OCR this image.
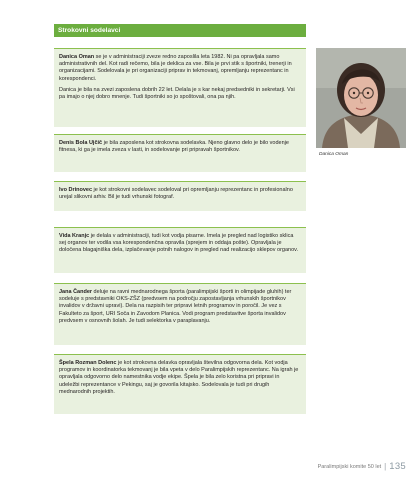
Strokovni sodelavci

Danica Oman se je v administraciji zveze redno zaposlila leta 1982. Ni pa opravljala samo administrativnih del. Kot radi rečemo, bila je deklica za vse. Bila je prvi stik s športniki, trenerji in organizacijami. Sodelovala je pri organizaciji priprav in tekmovanj, opremljanju reprezentanc in korespondenci.

Danica je bila na zvezi zaposlena dobrih 22 let. Delala je s kar nekaj predsedniki in sekretarji. Vsi pa imajo o njej dobro mnenje. Tudi športniki so jo spoštovali, ona pa njih.

Denis Bola Ujčič je bila zaposlena kot strokovna sodelavka. Njeno glavno delo je bilo vodenje fitnesa, ki ga je imela zveza v lasti, in sodelovanje pri pripravah športnikov.

Ivo Drinovec je kot strokovni sodelavec sodeloval pri opremljanju reprezentanc in profesionalno urejal slikovni arhiv. Bil je tudi vrhunski fotograf.

Vida Kranjc je delala v administraciji, tudi kot vodja pisarne. Imela je pregled nad logistiko sklica sej organov ter vodila vsa korespondenčna opravila (sprejem in oddaja pošte). Opravljala je določena blagajniška dela, izplačevanje potnih nalogov in pregled nad realizacijo sklepov organov.

Jana Čander deluje na ravni mednarodnega športa (paralimpijski športi in olimpijade gluhih) ter sodeluje s predstavniki OKS-ZŠZ (predvsem na področju zapostavljanja vrhunskih športnikov invalidov v državni upravi). Dela na razpisih ter pripravi letnih programov in poročil. Je vez s Fakulteto za šport, URI Soča in Zavodom Planica. Vodi program predstavitve športa invalidov predvsem v osnovnih šolah. Je tudi selektorka v paraplavanju.

Špela Rozman Dolenc je kot strokovna delavka opravljala številna odgovorna dela. Kot vodja programov in koordinatorka tekmovanj je bila vpeta v delo Paralimpijskih reprezentanc. Na igrah je opravljala odgovorno delo namestnika vodje ekipe. Špela je bila zelo koristna pri pripravi in udeležbi reprezentance v Pekingu, saj je govorila kitajsko. Sodelovala je tudi pri drugih mednarodnih projektih.

Danica Oman
Paralimpijski komite 50 let | 135
